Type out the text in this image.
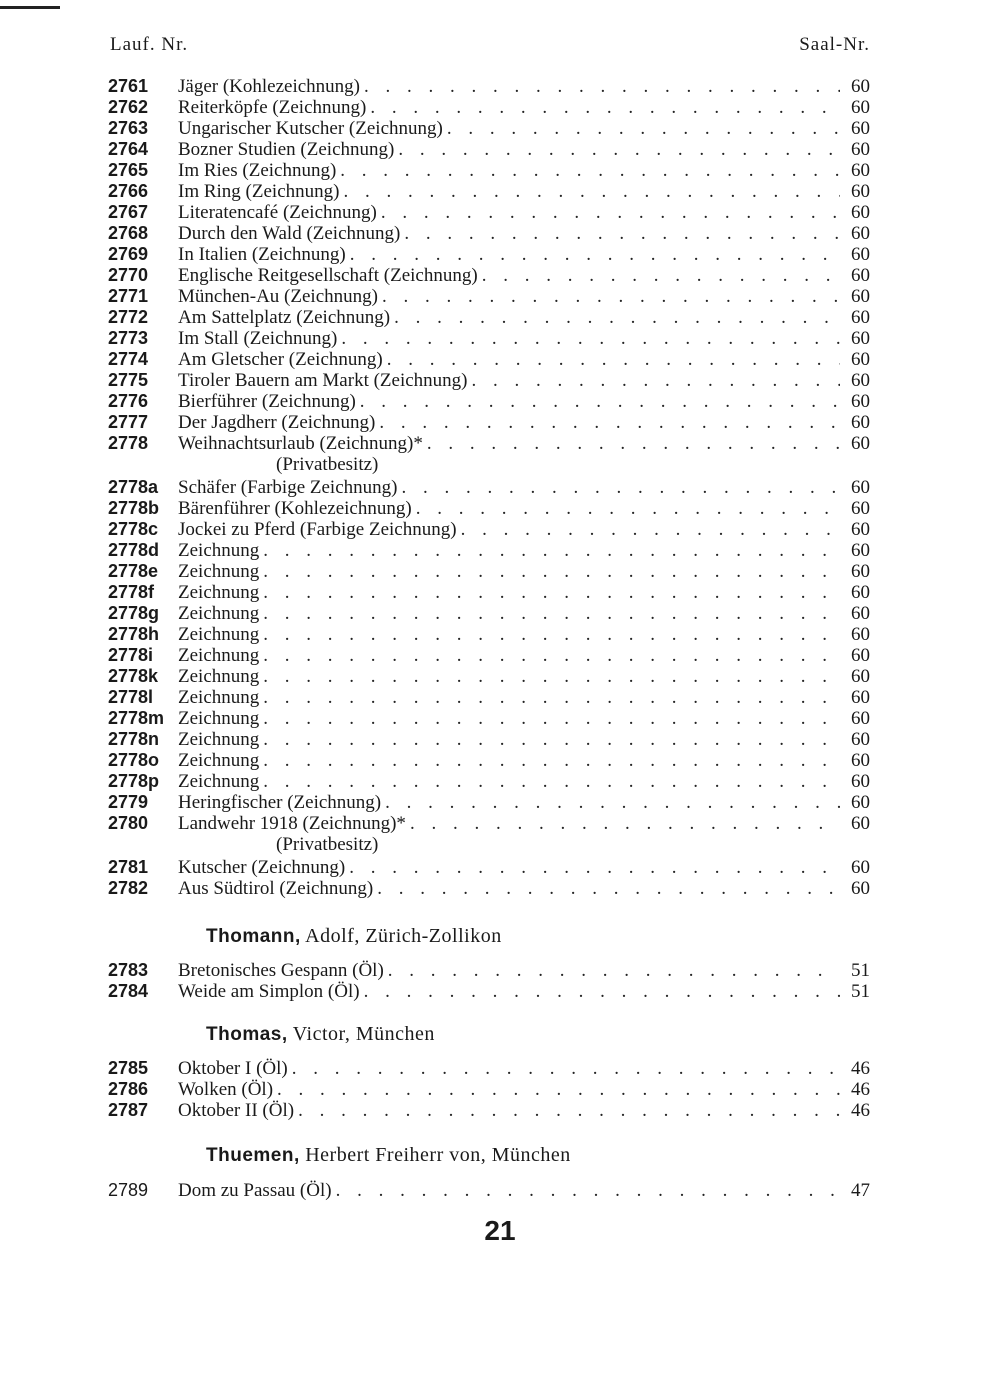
Lauf. Nr.	Saal-Nr.
2761	Jäger (Kohlezeichnung) . . .	60
2762	Reiterköpfe (Zeichnung) . . .	60
2763	Ungarischer Kutscher (Zeichnung) . . .	60
2764	Bozner Studien (Zeichnung) . . .	60
2765	Im Ries (Zeichnung) . . .	60
2766	Im Ring (Zeichnung) . . .	60
2767	Literatencafé (Zeichnung) . . .	60
2768	Durch den Wald (Zeichnung) . . .	60
2769	In Italien (Zeichnung) . . .	60
2770	Englische Reitgesellschaft (Zeichnung) . . .	60
2771	München-Au (Zeichnung) . . .	60
2772	Am Sattelplatz (Zeichnung) . . .	60
2773	Im Stall (Zeichnung) . . .	60
2774	Am Gletscher (Zeichnung) . . .	60
2775	Tiroler Bauern am Markt (Zeichnung) . . .	60
2776	Bierführer (Zeichnung) . . .	60
2777	Der Jagdherr (Zeichnung) . . .	60
2778	Weihnachtsurlaub (Zeichnung)* . . .	60
(Privatbesitz)
2778a	Schäfer (Farbige Zeichnung) . . .	60
2778b Bärenführer (Kohlezeichnung) . . .	60
2778c	Jockei zu Pferd (Farbige Zeichnung) . . .	60
2778d Zeichnung . . .	60
2778e	Zeichnung . . .	60
2778f	Zeichnung . . .	60
2778g Zeichnung . . .	60
2778h Zeichnung . . .	60
2778i	Zeichnung . . .	60
2778k	Zeichnung . . .	60
2778l	Zeichnung . . .	60
2778m Zeichnung . . .	60
2778n Zeichnung . . .	60
2778o Zeichnung . . .	60
2778p Zeichnung . . .	60
2779	Heringfischer (Zeichnung) . . .	60
2780	Landwehr 1918 (Zeichnung)* . . .	60
(Privatbesitz)
2781	Kutscher (Zeichnung) . . .	60
2782	Aus Südtirol (Zeichnung) . . .	60
Thomann, Adolf, Zürich-Zollikon
2783	Bretonisches Gespann (Öl) . . .	51
2784	Weide am Simplon (Öl) . . .	51
Thomas, Victor, München
2785	Oktober I (Öl) . . .	46
2786	Wolken (Öl) . . .	46
2787	Oktober II (Öl) . . .	46
Thuemen, Herbert Freiherr von, München
2789	Dom zu Passau (Öl) . . .	47
21
